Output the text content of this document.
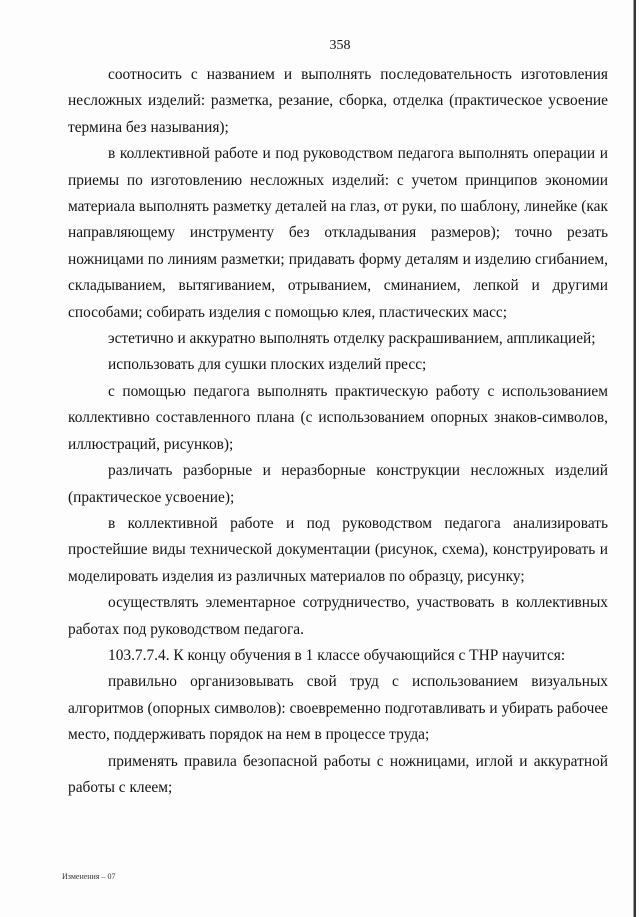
358

соотносить с названием и выполнять последовательность изготовления несложных изделий: разметка, резание, сборка, отделка (практическое усвоение термина без называния);

в коллективной работе и под руководством педагога выполнять операции и приемы по изготовлению несложных изделий: с учетом принципов экономии материала выполнять разметку деталей на глаз, от руки, по шаблону, линейке (как направляющему инструменту без откладывания размеров); точно резать ножницами по линиям разметки; придавать форму деталям и изделию сгибанием, складыванием, вытягиванием, отрыванием, сминанием, лепкой и другими способами; собирать изделия с помощью клея, пластических масс;

эстетично и аккуратно выполнять отделку раскрашиванием, аппликацией;

использовать для сушки плоских изделий пресс;

с помощью педагога выполнять практическую работу с использованием коллективно составленного плана (с использованием опорных знаков-символов, иллюстраций, рисунков);

различать разборные и неразборные конструкции несложных изделий (практическое усвоение);

в коллективной работе и под руководством педагога анализировать простейшие виды технической документации (рисунок, схема), конструировать и моделировать изделия из различных материалов по образцу, рисунку;

осуществлять элементарное сотрудничество, участвовать в коллективных работах под руководством педагога.

103.7.7.4. К концу обучения в 1 классе обучающийся с ТНР научится:

правильно организовывать свой труд с использованием визуальных алгоритмов (опорных символов): своевременно подготавливать и убирать рабочее место, поддерживать порядок на нем в процессе труда;

применять правила безопасной работы с ножницами, иглой и аккуратной работы с клеем;

Изменения – 07
